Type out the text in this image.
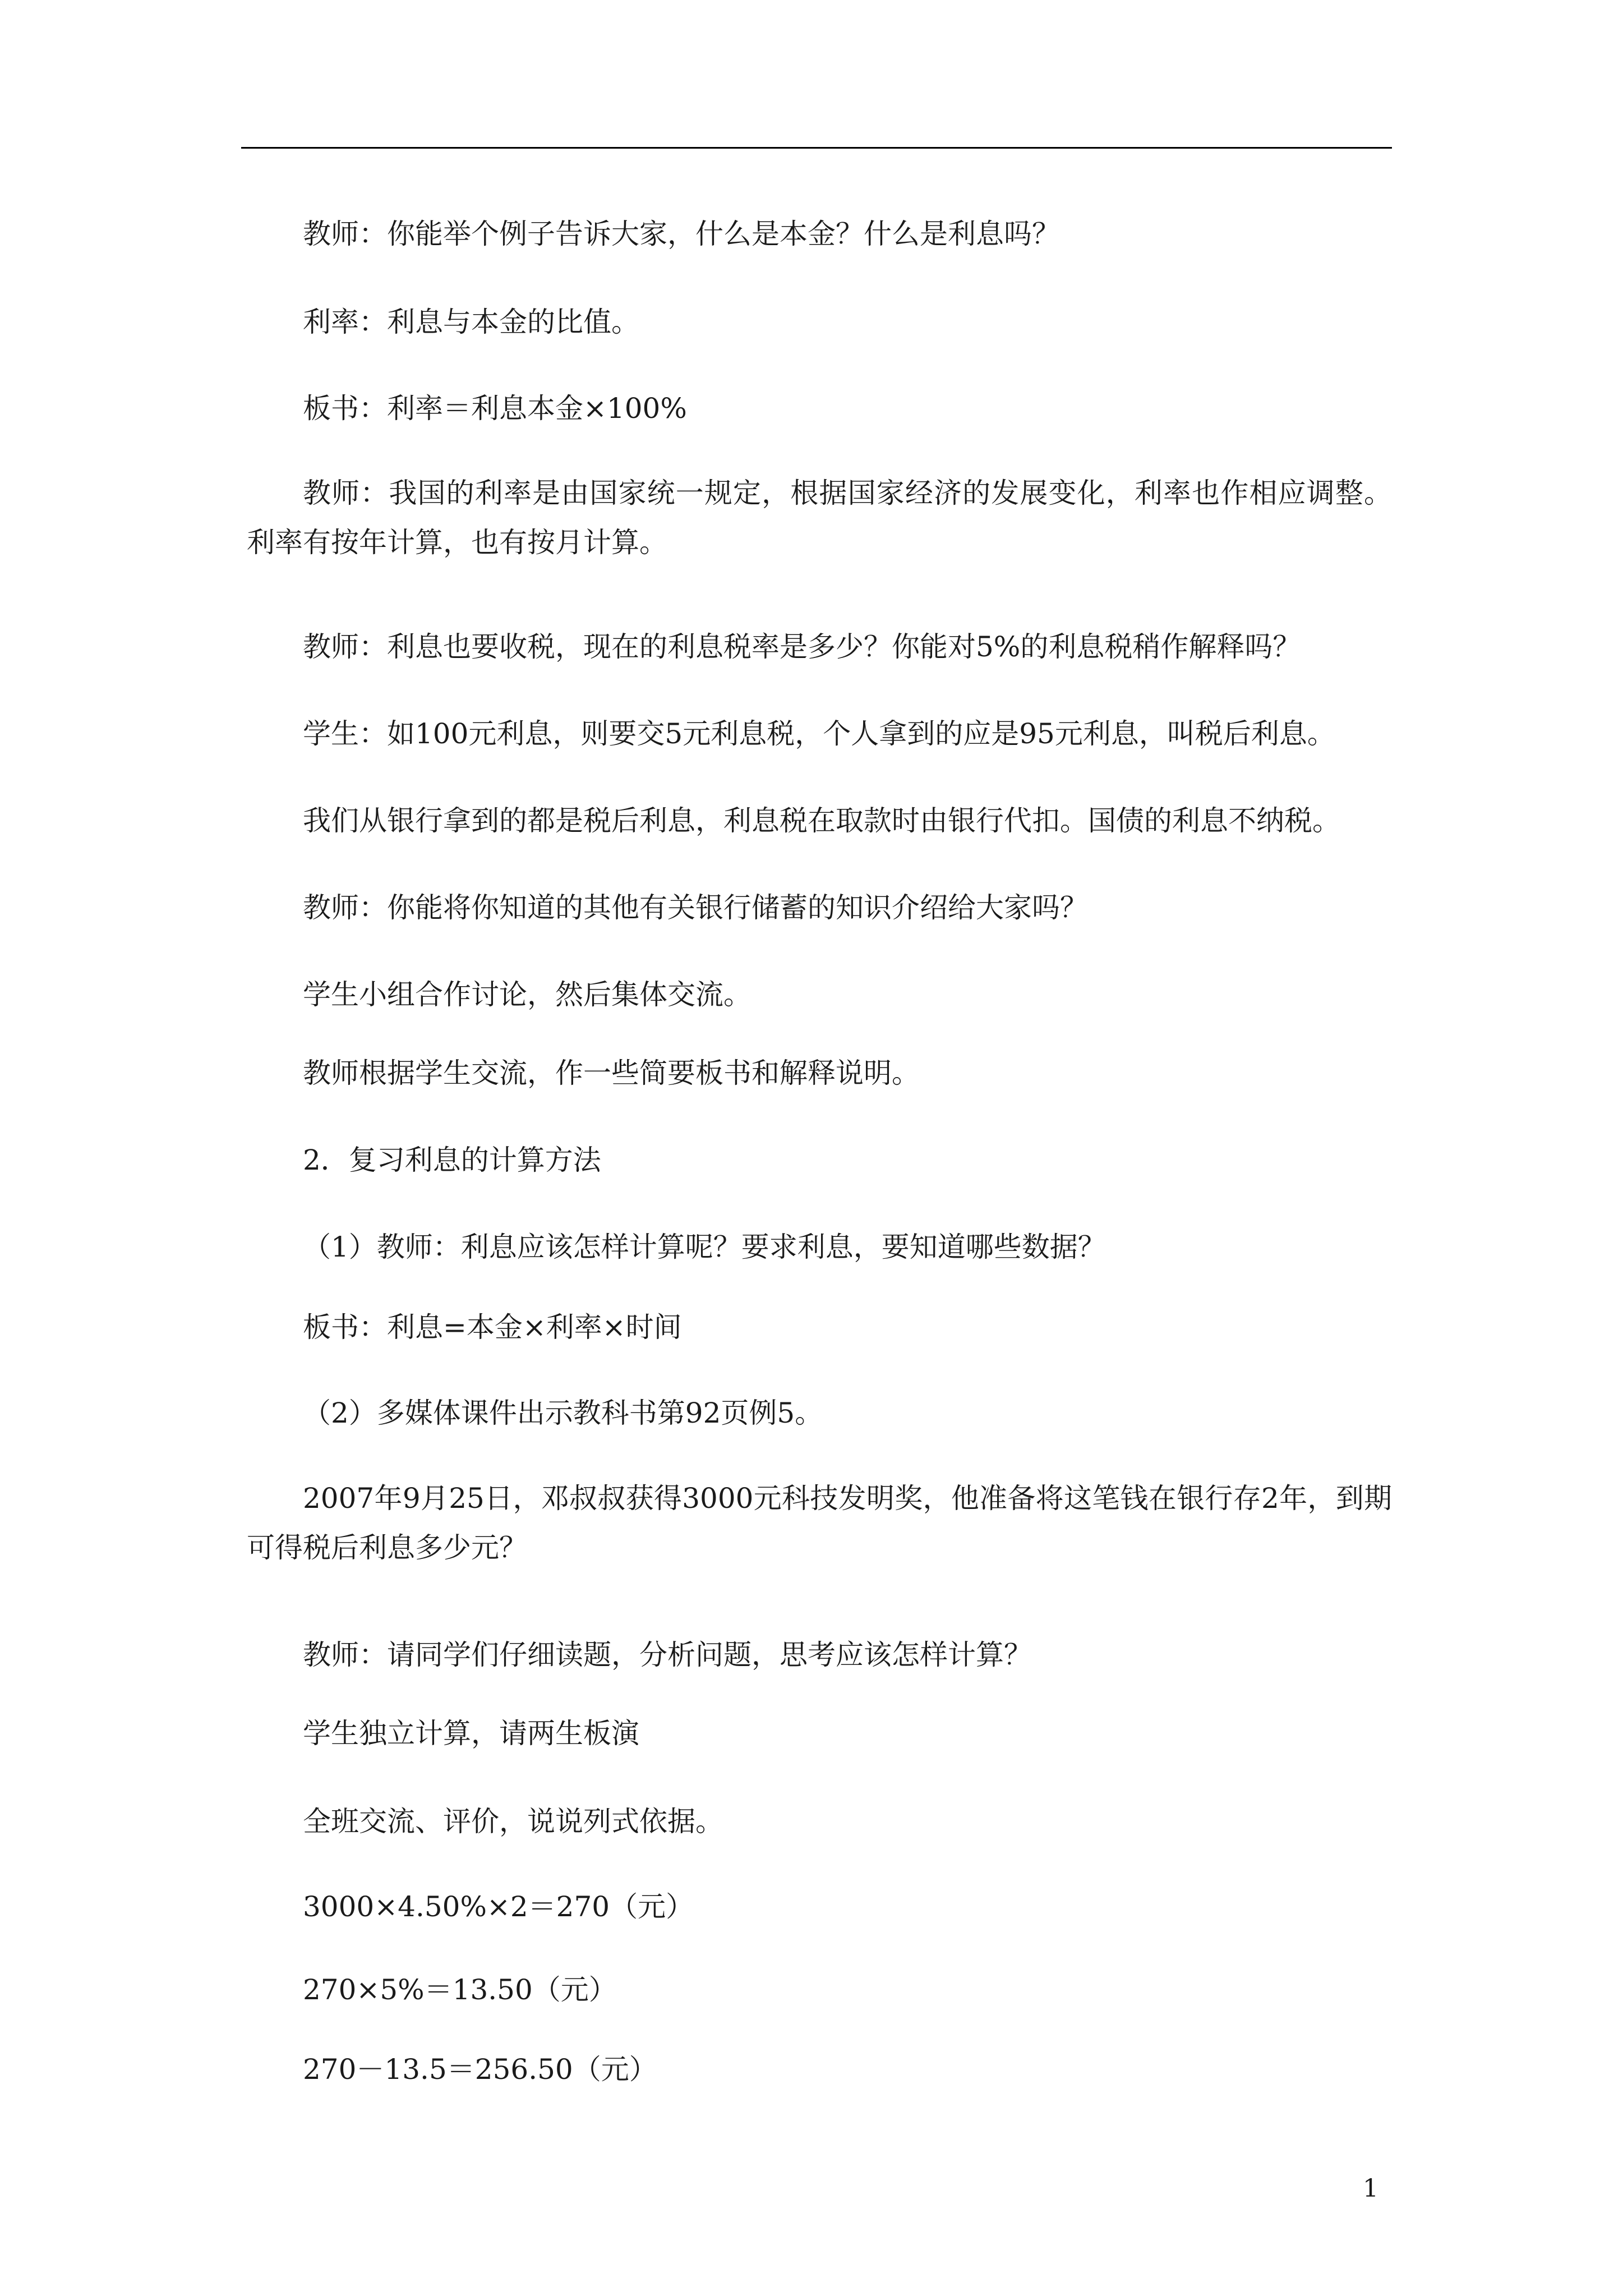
教师：你能举个例子告诉大家，什么是本金？什么是利息吗？
利率：利息与本金的比值。
板书：利率＝利息本金×100%
教师：我国的利率是由国家统一规定，根据国家经济的发展变化，利率也作相应调整。利率有按年计算，也有按月计算。
教师：利息也要收税，现在的利息税率是多少？你能对5%的利息税稍作解释吗？
学生：如100元利息，则要交5元利息税，个人拿到的应是95元利息，叫税后利息。
我们从银行拿到的都是税后利息，利息税在取款时由银行代扣。国债的利息不纳税。
教师：你能将你知道的其他有关银行储蓄的知识介绍给大家吗？
学生小组合作讨论，然后集体交流。
教师根据学生交流，作一些简要板书和解释说明。
2．复习利息的计算方法
（1）教师：利息应该怎样计算呢？要求利息，要知道哪些数据？
板书：利息=本金×利率×时间
（2）多媒体课件出示教科书第92页例5。
2007年9月25日，邓叔叔获得3000元科技发明奖，他准备将这笔钱在银行存2年，到期可得税后利息多少元？
教师：请同学们仔细读题，分析问题，思考应该怎样计算？
学生独立计算，请两生板演
全班交流、评价，说说列式依据。
3000×4.50%×2＝270（元）
270×5%＝13.50（元）
270－13.5＝256.50（元）
1
